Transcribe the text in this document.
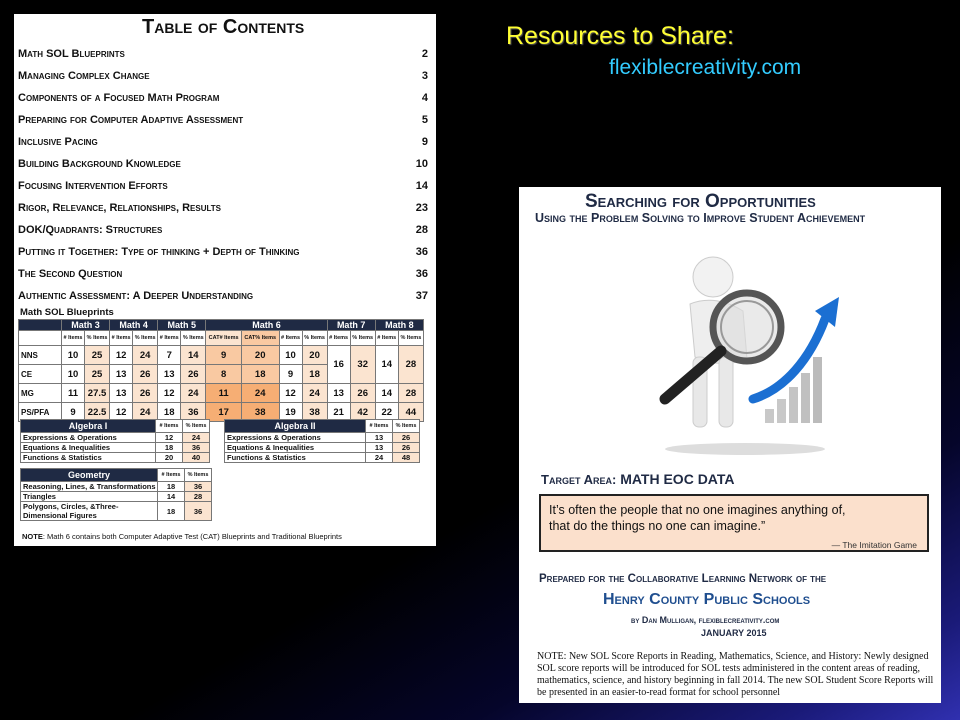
Resources to Share:
flexiblecreativity.com
Table of Contents
Math SOL Blueprints	2
Managing Complex Change	3
Components of a Focused Math Program	4
Preparing for Computer Adaptive Assessment	5
Inclusive Pacing	9
Building Background Knowledge	10
Focusing Intervention Efforts	14
Rigor, Relevance, Relationships, Results	23
DOK/Quadrants: Structures	28
Putting it Together: Type of thinking + Depth of Thinking	36
The Second Question	36
Authentic Assessment: A Deeper Understanding	37
Math SOL Blueprints
	Math 3		Math 4		Math 5		Math 6				Math 7		Math 8	
	# Items	% Items	# Items	% Items	# Items	% Items	CAT# Items	CAT% Items	# Items	% Items	# Items	% Items	# Items	% Items
NNS	10	25	12	24	7	14	9	20	10	20	16	32	14	28
CE	10	25	13	26	13	26	8	18	9	18				
MG	11	27.5	13	26	12	24	11	24	12	24	13	26	14	28
PS/PFA	9	22.5	12	24	18	36	17	38	19	38	21	42	22	44
Algebra I	# Items	% Items
Expressions & Operations	12	24
Equations & Inequalities	18	36
Functions & Statistics	20	40
Algebra II	# Items	% Items
Expressions & Operations	13	26
Equations & Inequalities	13	26
Functions & Statistics	24	48
Geometry	# Items	% Items
Reasoning, Lines, & Transformations	18	36
Triangles	14	28
Polygons, Circles, &Three-Dimensional Figures	18	36
NOTE: Math 6 contains both Computer Adaptive Test (CAT) Blueprints and Traditional Blueprints
Searching for Opportunities
Using the Problem Solving to Improve Student Achievement
Target Area: MATH EOC DATA
It’s often the people that no one imagines anything of,
that do the things no one can imagine.”
— The Imitation Game
Prepared for the Collaborative Learning Network of the
Henry County Public Schools
by Dan Mulligan, flexiblecreativity.com
JANUARY 2015
NOTE: New SOL Score Reports in Reading, Mathematics, Science, and History: Newly designed SOL score reports will be introduced for SOL tests administered in the content areas of reading, mathematics, science, and history beginning in fall 2014. The new SOL Student Score Reports will be presented in an easier-to-read format for school personnel
